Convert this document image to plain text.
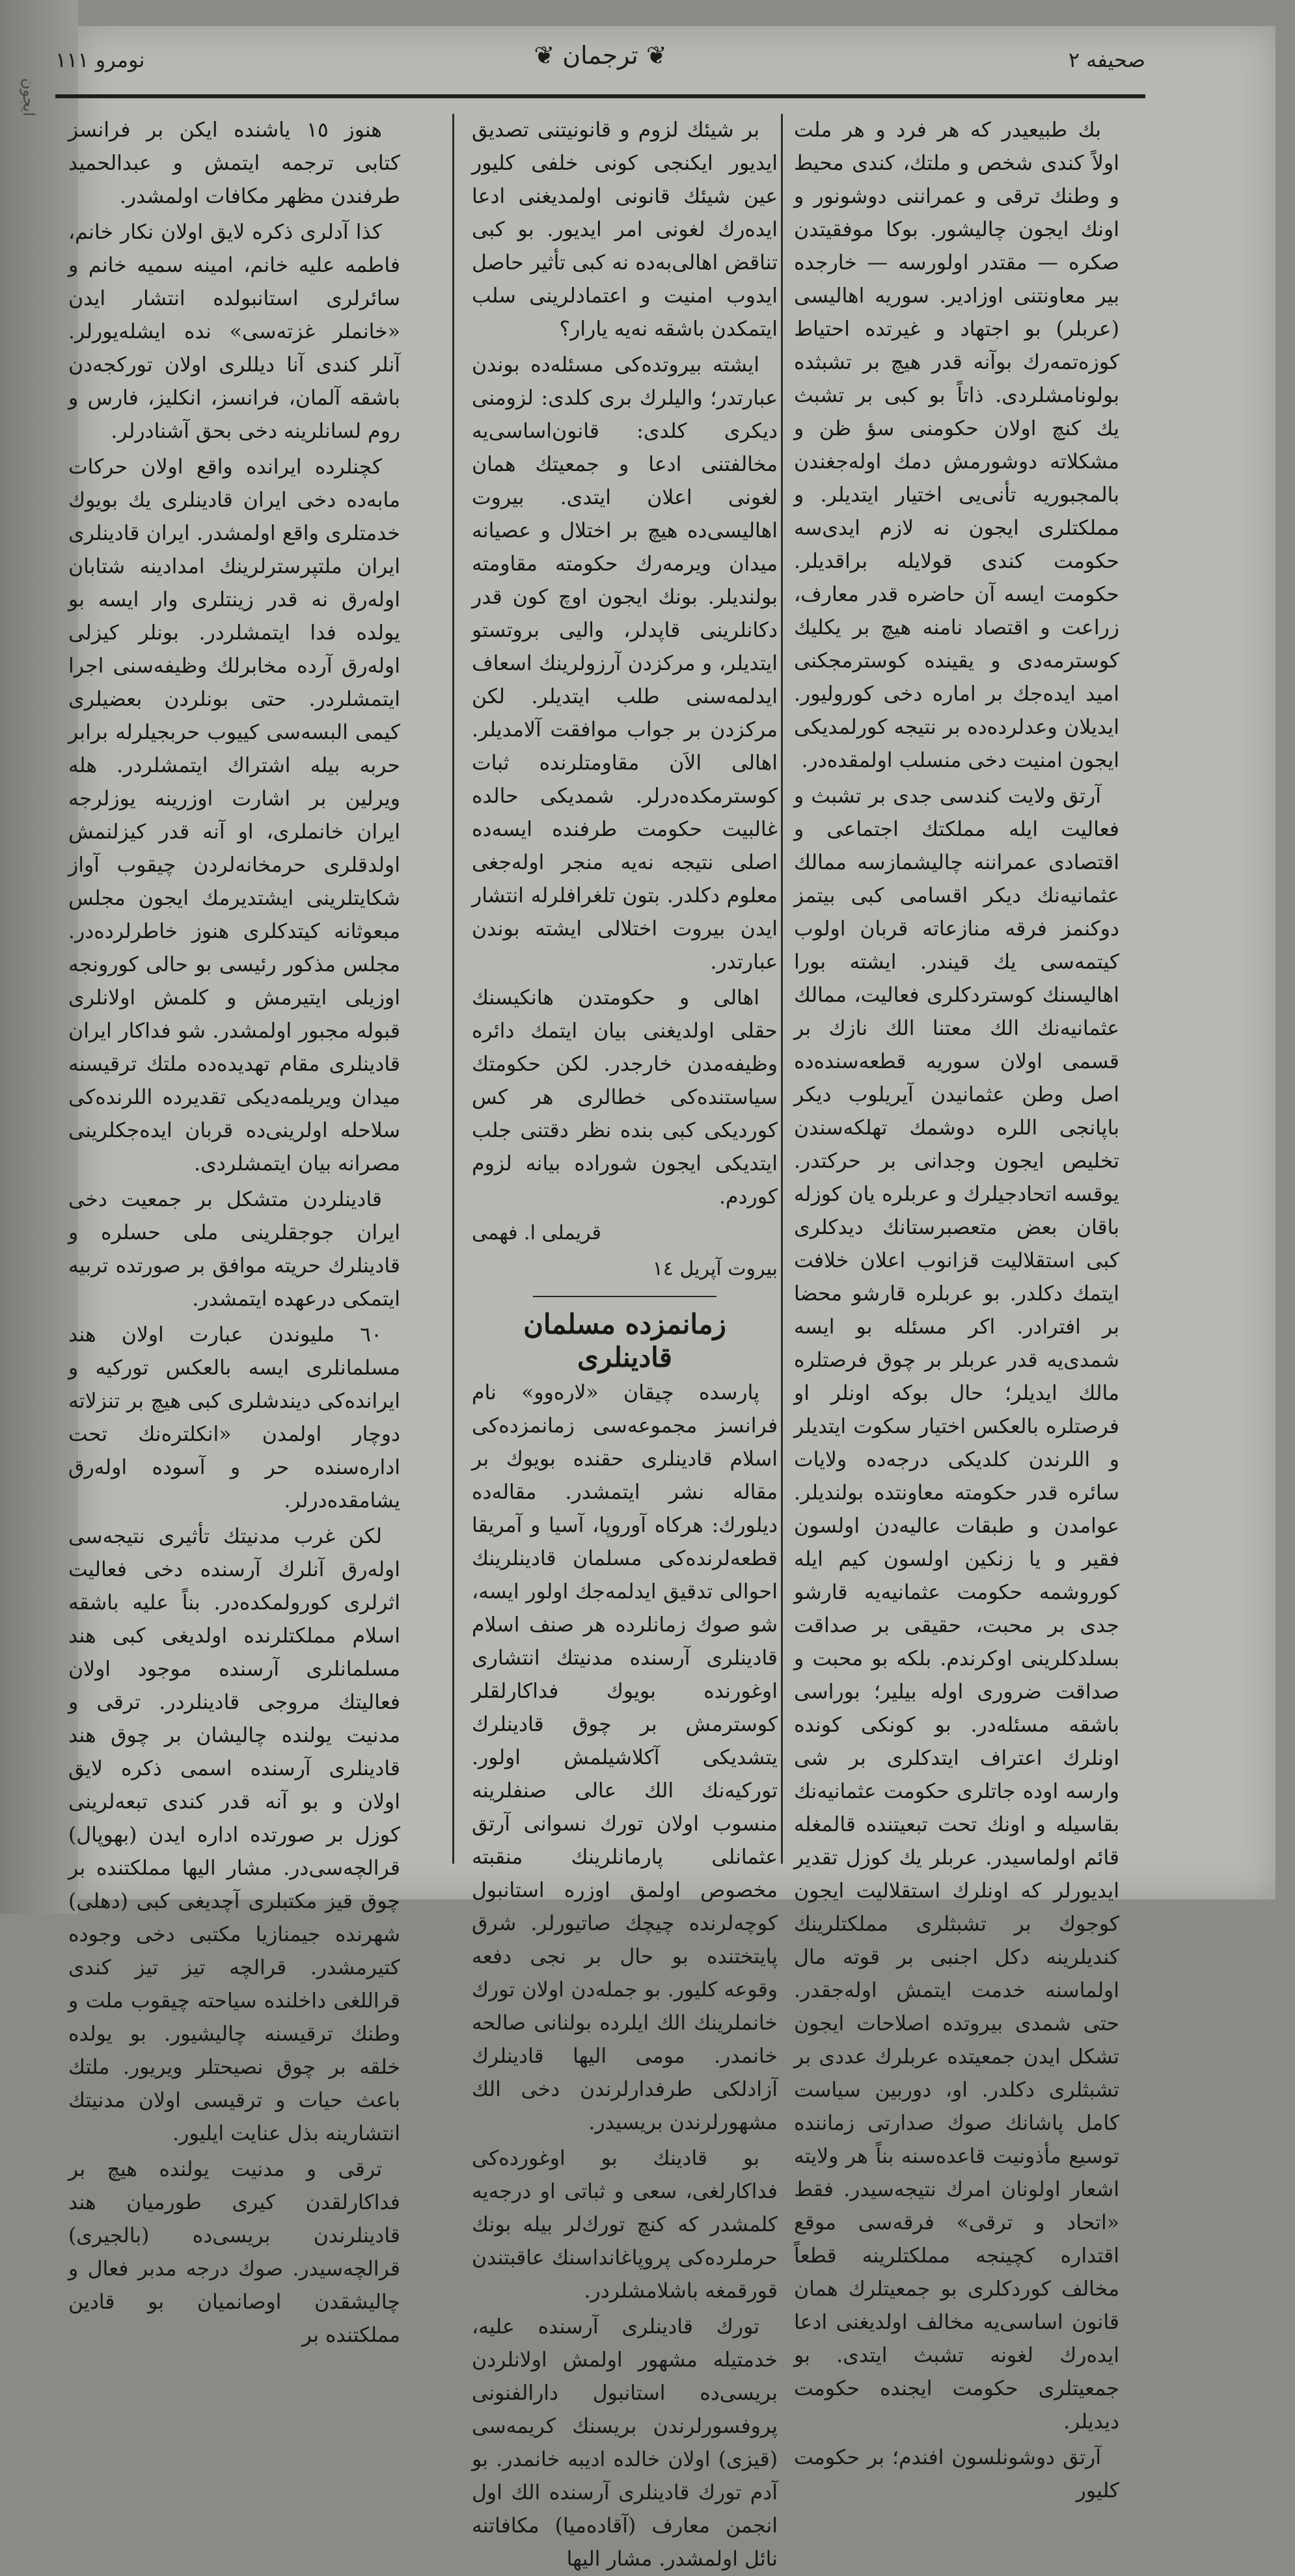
ايجون
نومرو ١١١	❦ ترجمان ❦	صحيفه ٢

بك طبيعيدر كه هر فرد و هر ملت اولاً كندى شخص و ملتك، كندى محيط و وطنك ترقى و عمراننى دوشونور و اونك ايجون چاليشور. بوكا موفقيتدن صكره — مقتدر اولورسه — خارجده بير معاونتنى اوزادير. سوريه اهاليسى (عربلر) بو اجتهاد و غيرتده احتياط كوزه‌تمه‌رك بوآنه قدر هيچ بر تشبثده بولونامشلردى. ذاتاً بو كبى بر تشبث يك كنچ اولان حكومنى سؤ ظن و مشكلاته دوشورمش دمك اوله‌جغندن بالمجبوريه تأنى‌يى اختيار ايتديلر. و مملكتلرى ايجون نه لازم ايدى‌سه حكومت كندى قولايله براقديلر. حكومت ايسه آن حاضره قدر معارف، زراعت و اقتصاد نامنه هيچ بر يكليك كوسترمه‌دى و يقينده كوسترمجكنى اميد ايده‌جك بر اماره دخى كوروليور. ايديلان وعدلرده‌ده بر نتيجه كورلمديكى ايجون امنيت دخى منسلب اولمقده‌در.

آرتق ولايت كندسى جدى بر تشبث و فعاليت ايله مملكتك اجتماعى و اقتصادى عمراننه چاليشمازسه ممالك عثمانيه‌نك ديكر اقسامى كبى بيتمز دوكنمز فرقه منازعاته قربان اولوب كيتمه‌سى يك قيندر. ايشته بورا اهاليسنك كوستردكلرى فعاليت، ممالك عثمانيه‌نك الك معتنا الك نازك بر قسمى اولان سوريه قطعه‌سنده‌ده اصل وطن عثمانيدن آيريلوب ديكر باپانجى اللره دوشمك تهلكه‌سندن تخليص ايجون وجدانى بر حركتدر. يوقسه اتحادجيلرك و عربلره يان كوزله باقان بعض متعصبرستانك ديدكلرى كبى استقلاليت قزانوب اعلان خلافت ايتمك دكلدر. بو عربلره قارشو محضا بر افترادر. اكر مسئله بو ايسه شمدى‌يه قدر عربلر بر چوق فرصتلره مالك ايديلر؛ حال بوكه اونلر او فرصتلره بالعكس اختيار سكوت ايتديلر و اللرندن كلديكى درجه‌ده ولايات سائره قدر حكومته معاونتده بولنديلر. عوامدن و طبقات عاليه‌دن اولسون فقير و يا زنكين اولسون كيم ايله كوروشمه حكومت عثمانيه‌يه قارشو جدى بر محبت، حقيقى بر صداقت بسلدكلرينى اوكرندم. بلكه بو محبت و صداقت ضرورى اوله بيلير؛ بوراسى باشقه مسئله‌در. بو كونكى كونده اونلرك اعتراف ايتدكلرى بر شى وارسه اوده جاتلرى حكومت عثمانيه‌نك بقاسيله و اونك تحت تبعيتنده قالمغله قائم اولماسيدر. عربلر يك كوزل تقدير ايديورلر كه اونلرك استقلاليت ايجون كوجوك بر تشبثلرى مملكتلرينك كنديلرينه دكل اجنبى بر قوته مال اولماسنه خدمت ايتمش اوله‌جقدر. حتى شمدى بيروتده اصلاحات ايجون تشكل ايدن جمعيتده عربلرك عددى بر تشبثلرى دكلدر. او، دوربين سياست كامل پاشانك صوك صدارتى زماننده توسيع مأذونيت قاعده‌سنه بناً هر ولايته اشعار اولونان امرك نتيجه‌سيدر. فقط «اتحاد و ترقى» فرقه‌سى موقع اقتداره كچينجه مملكتلرينه قطعاً مخالف كوردكلرى بو جمعيتلرك همان قانون اساسى‌يه مخالف اولديغنى ادعا ايده‌رك لغونه تشبث ايتدى. بو جمعيتلرى حكومت ايجنده حكومت ديديلر.

آرتق دوشونلسون افندم؛ بر حكومت كليور

بر شيئك لزوم و قانونيتنى تصديق ايديور ايكنجى كونى خلفى كليور عين شيئك قانونى اولمديغنى ادعا ايده‌رك لغونى امر ايديور. بو كبى تناقض اهالى‌به‌ده نه كبى تأثير حاصل ايدوب امنيت و اعتمادلرينى سلب ايتمكدن باشقه نه‌يه يارار؟

ايشته بيروتده‌كى مسئله‌ده بوندن عبارتدر؛ واليلرك برى كلدى: لزومنى ديكرى كلدى: قانون‌اساسى‌يه مخالفتنى ادعا و جمعيتك همان لغونى اعلان ايتدى. بيروت اهاليسى‌ده هيچ بر اختلال و عصيانه ميدان ويرمه‌رك حكومته مقاومته بولنديلر. بونك ايجون اوچ كون قدر دكانلرينى قاپدلر، واليى بروتستو ايتديلر، و مركزدن آرزولرينك اسعاف ايدلمه‌سنى طلب ايتديلر. لكن مركزدن بر جواب موافقت آلامديلر. اهالى الاَن مقاومتلرنده ثبات كوسترمكده‌درلر. شمديكى حالده غالبيت حكومت طرفنده ايسه‌ده اصلى نتيجه نه‌يه منجر اوله‌جغى معلوم دكلدر. بتون تلغرافلرله انتشار ايدن بيروت اختلالى ايشته بوندن عبارتدر.

اهالى و حكومتدن هانكيسنك حقلى اولديغنى بيان ايتمك دائره وظيفه‌مدن خارجدر. لكن حكومتك سياستنده‌كى خطالرى هر كس كورديكى كبى بنده نظر دقتنى جلب ايتديكى ايجون شوراده بيانه لزوم كوردم.

قريملى ا. فهمى

بيروت آپريل ١٤

زمانمزده مسلمان قادينلرى

پارسده چيقان «لاره‌وو» نام فرانسز مجموعه‌سى زمانمزده‌كى اسلام قادينلرى حقنده بويوك بر مقاله نشر ايتمشدر. مقاله‌ده ديلورك: هركاه آوروپا، آسيا و آمريقا قطعه‌لرنده‌كى مسلمان قادينلرينك احوالى تدقيق ايدلمه‌جك اولور ايسه، شو صوك زمانلرده هر صنف اسلام قادينلرى آرسنده مدنيتك انتشارى اوغورنده بويوك فداكارلقلر كوسترمش بر چوق قادينلرك يتشديكى آكلاشيلمش اولور. توركيه‌نك الك عالى صنفلرينه منسوب اولان تورك نسوانى آرتق عثمانلى پارمانلرينك منقبته مخصوص اولمق اوزره استانبول كوچه‌لرنده چيچك صاتيورلر. شرق پايتختنده بو حال بر نجى دفعه وقوعه كليور. بو جمله‌دن اولان تورك خانملرينك الك ايلرده بولنانى صالحه خانمدر. مومى اليها قادينلرك آزادلكى طرفدارلرندن دخى الك مشهورلرندن بريسيدر.

بو قادينك بو اوغورده‌كى فداكارلغى، سعى و ثباتى او درجه‌يه كلمشدر كه كنچ تورك‌لر بيله بونك حرملرده‌كى پروپاغانداسنك عاقبتندن قورقمغه باشلامشلردر.

تورك قادينلرى آرسنده عليه، خدمتيله مشهور اولمش اولانلردن بريسى‌ده استانبول دارالفنونى پروفسورلرندن بريسنك كريمه‌سى (قيزى) اولان خالده اديبه خانمدر. بو آدم تورك قادينلرى آرسنده الك اول انجمن معارف (آقاده‌ميا) مكافاتنه نائل اولمشدر. مشار اليها

هنوز ١٥ ياشنده ايكن بر فرانسز كتابى ترجمه ايتمش و عبدالحميد طرفندن مظهر مكافات اولمشدر.

كذا آدلرى ذكره لايق اولان نكار خانم، فاطمه عليه خانم، امينه سميه خانم و سائرلرى استانبولده انتشار ايدن «خانملر غزته‌سى» نده ايشله‌يورلر. آنلر كندى آنا ديللرى اولان توركجه‌دن باشقه آلمان، فرانسز، انكليز، فارس و روم لسانلرينه دخى بحق آشنادرلر.

كچنلرده ايرانده واقع اولان حركات مابه‌ده دخى ايران قادينلرى يك بويوك خدمتلرى واقع اولمشدر. ايران قادينلرى ايران ملتپرسترلرينك امدادينه شتابان اوله‌رق نه قدر زينتلرى وار ايسه بو يولده فدا ايتمشلردر. بونلر كيزلى اوله‌رق آرده مخابرلك وظيفه‌سنى اجرا ايتمشلردر. حتى بونلردن بعضيلرى كيمى البسه‌سى كييوب حربجيلرله برابر حربه بيله اشتراك ايتمشلردر. هله ويرلين بر اشارت اوزرينه يوزلرجه ايران خانملرى، او آنه قدر كيزلنمش اولدقلرى حرمخانه‌لردن چيقوب آواز شكايتلرينى ايشتديرمك ايجون مجلس مبعوثانه كيتدكلرى هنوز خاطرلرده‌در. مجلس مذكور رئيسى بو حالى كورونجه اوزيلى ايتيرمش و كلمش اولانلرى قبوله مجبور اولمشدر. شو فداكار ايران قادينلرى مقام تهديده‌ده ملتك ترقيسنه ميدان ويريلمه‌ديكى تقديرده اللرنده‌كى سلاحله اولرينى‌ده قربان ايده‌جكلرينى مصرانه بيان ايتمشلردى.

قادينلردن متشكل بر جمعيت دخى ايران جوجقلرينى ملى حسلره و قادينلرك حريته موافق بر صورتده تربيه ايتمكى درعهده ايتمشدر.

٦٠ مليوندن عبارت اولان هند مسلمانلرى ايسه بالعكس توركيه و ايرانده‌كى ديندشلرى كبى هيچ بر تنزلاته دوچار اولمدن «انكلتره‌نك تحت اداره‌سنده حر و آسوده اوله‌رق يشامقده‌درلر.

لكن غرب مدنيتك تأثيرى نتيجه‌سى اوله‌رق آنلرك آرسنده دخى فعاليت اثرلرى كورولمكده‌در. بناً عليه باشقه اسلام مملكتلرنده اولديغى كبى هند مسلمانلرى آرسنده موجود اولان فعاليتك مروجى قادينلردر. ترقى و مدنيت يولنده چاليشان بر چوق هند قادينلرى آرسنده اسمى ذكره لايق اولان و بو آنه قدر كندى تبعه‌لرينى كوزل بر صورتده اداره ايدن (بهوپال) قرالچه‌سى‌در. مشار اليها مملكتنده بر چوق قيز مكتبلرى آچديغى كبى (دهلى) شهرنده جيمنازيا مكتبى دخى وجوده كتيرمشدر. قرالچه تيز تيز كندى قراللغى داخلنده سياحته چيقوب ملت و وطنك ترقيسنه چاليشيور. بو يولده خلقه بر چوق نصيحتلر ويريور. ملتك باعث حيات و ترقيسى اولان مدنيتك انتشارينه بذل عنايت ايليور.

ترقى و مدنيت يولنده هيچ بر فداكارلقدن كيرى طورميان هند قادينلرندن بريسى‌ده (بالجيرى) قرالچه‌سيدر. صوك درجه مدبر فعال و چاليشقدن اوصانميان بو قادين مملكتنده بر
